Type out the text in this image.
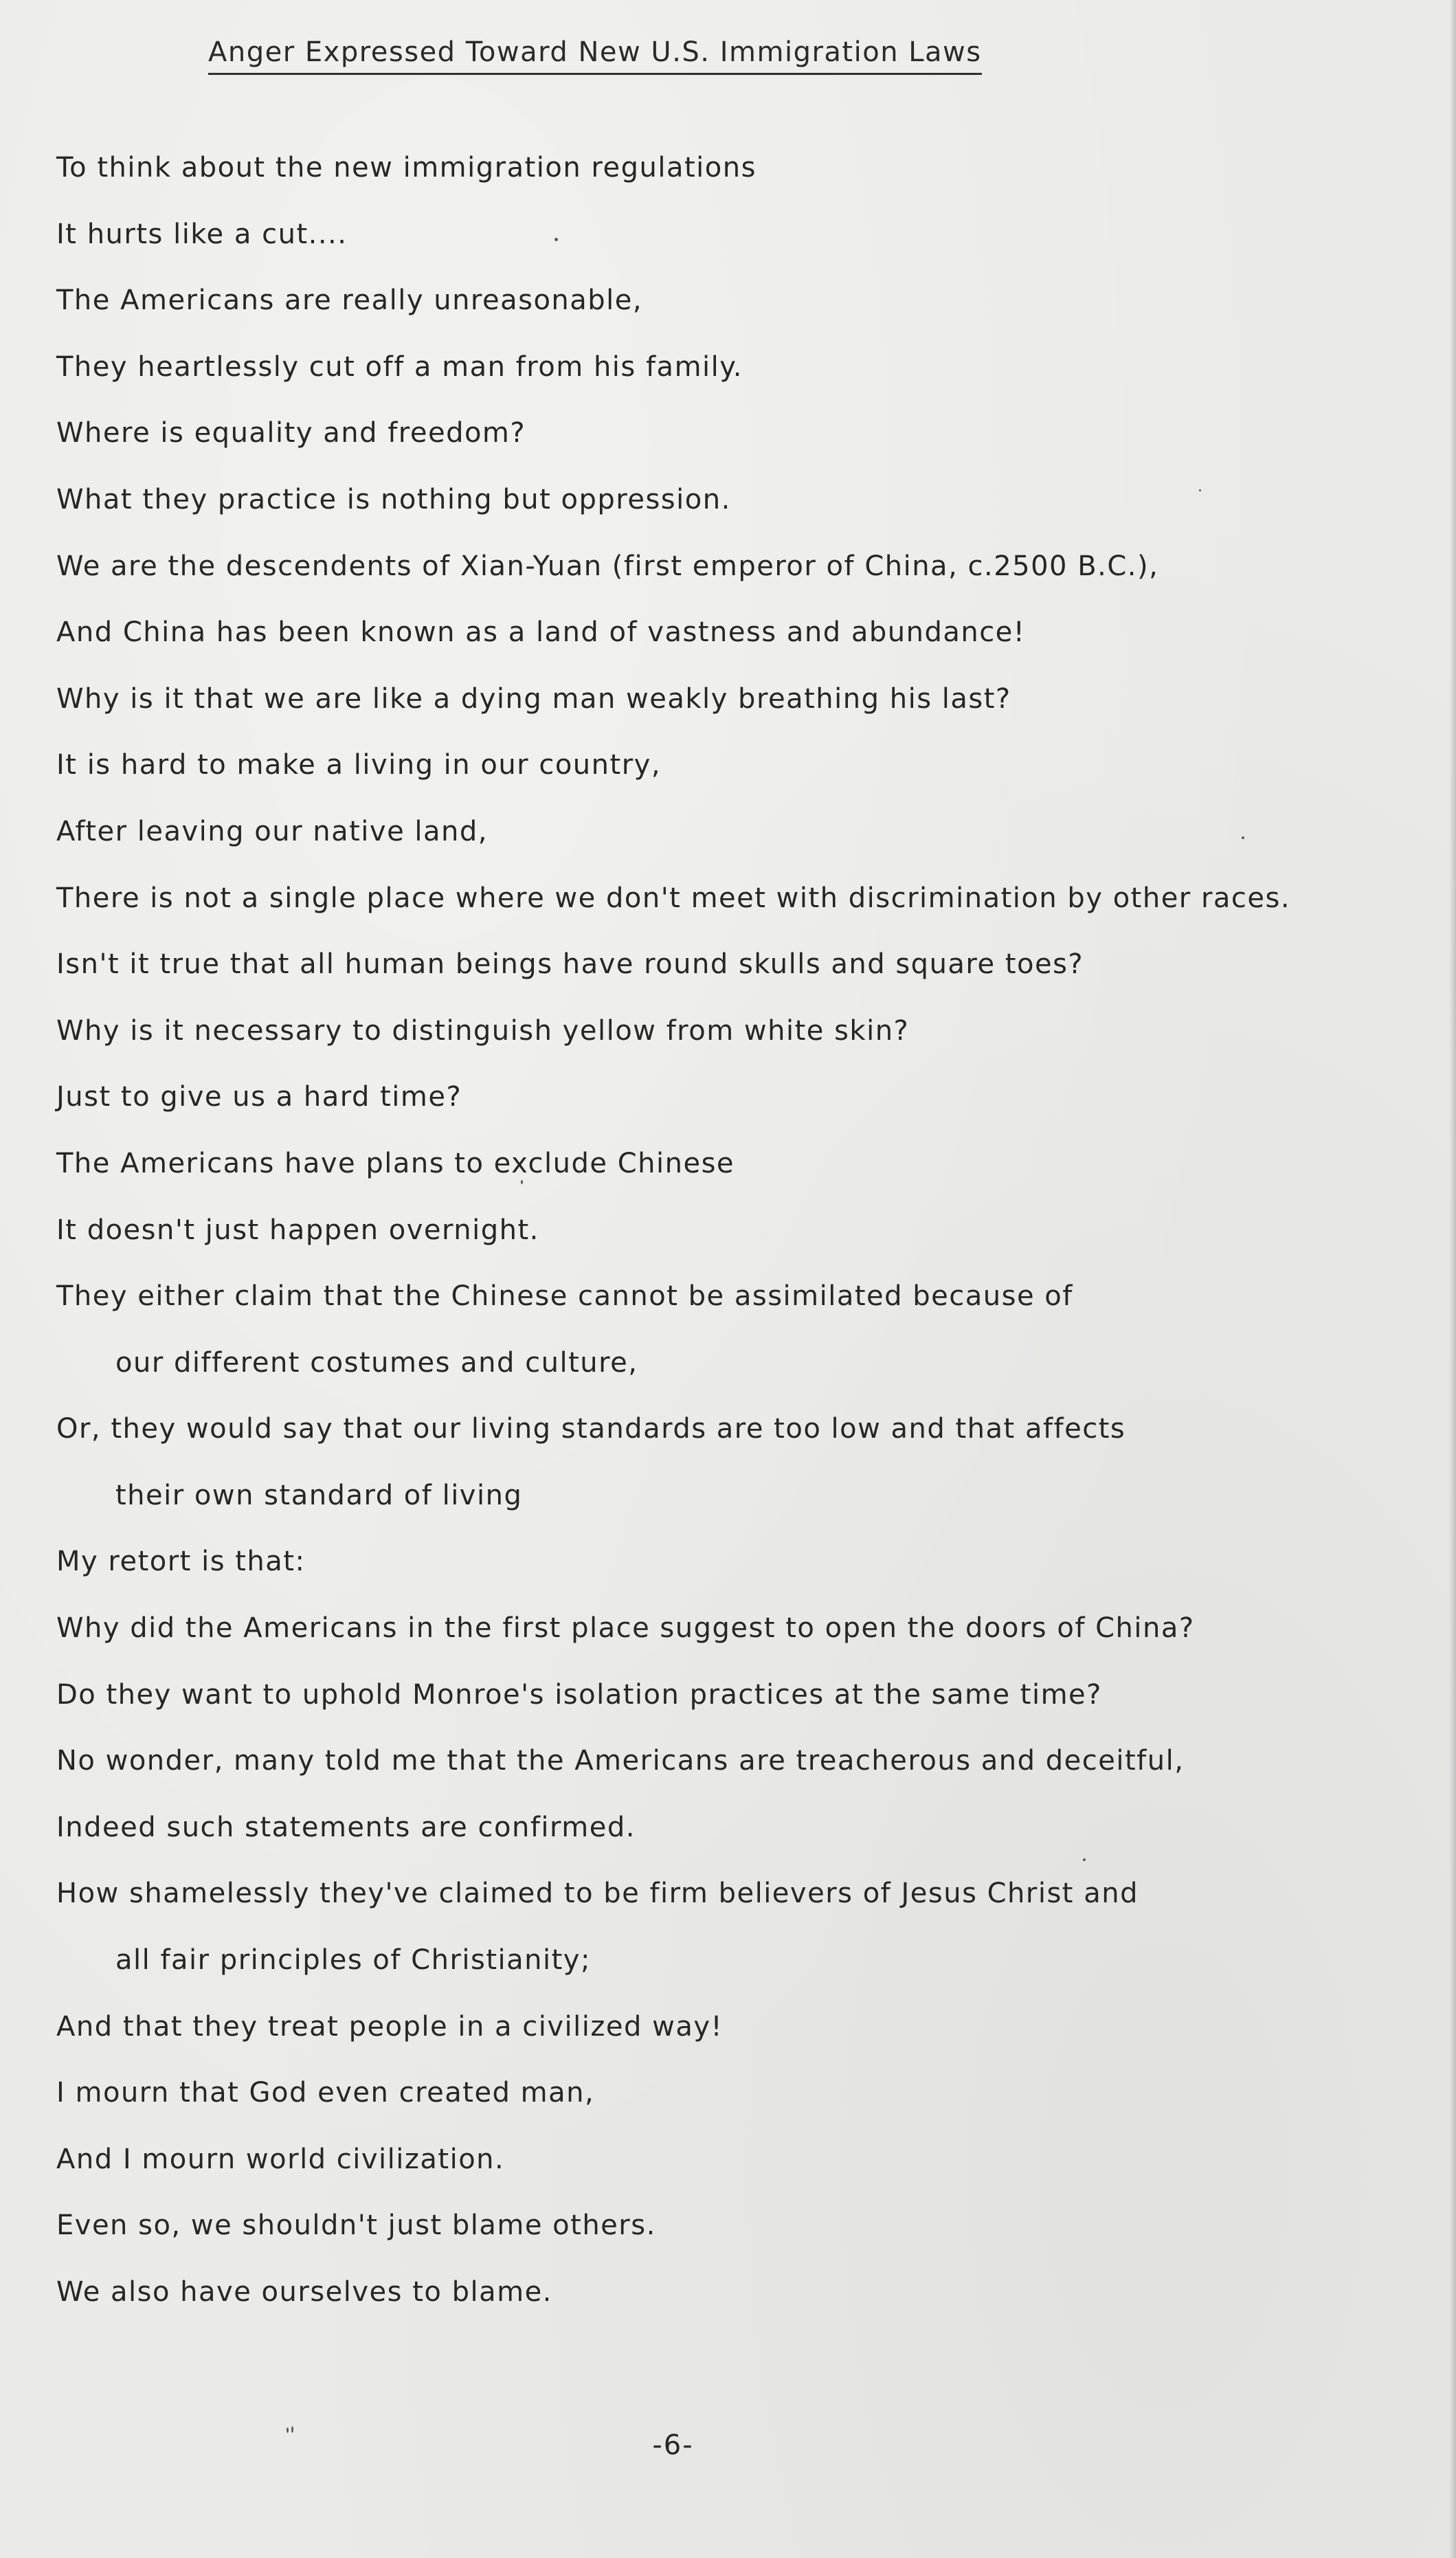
Anger Expressed Toward New U.S. Immigration Laws
To think about the new immigration regulations
It hurts like a cut....
The Americans are really unreasonable,
They heartlessly cut off a man from his family.
Where is equality and freedom?
What they practice is nothing but oppression.
We are the descendents of Xian-Yuan (first emperor of China, c.2500 B.C.),
And China has been known as a land of vastness and abundance!
Why is it that we are like a dying man weakly breathing his last?
It is hard to make a living in our country,
After leaving our native land,
There is not a single place where we don't meet with discrimination by other races.
Isn't it true that all human beings have round skulls and square toes?
Why is it necessary to distinguish yellow from white skin?
Just to give us a hard time?
The Americans have plans to exclude Chinese
It doesn't just happen overnight.
They either claim that the Chinese cannot be assimilated because of
our different costumes and culture,
Or, they would say that our living standards are too low and that affects
their own standard of living
My retort is that:
Why did the Americans in the first place suggest to open the doors of China?
Do they want to uphold Monroe's isolation practices at the same time?
No wonder, many told me that the Americans are treacherous and deceitful,
Indeed such statements are confirmed.
How shamelessly they've claimed to be firm believers of Jesus Christ and
all fair principles of Christianity;
And that they treat people in a civilized way!
I mourn that God even created man,
And I mourn world civilization.
Even so, we shouldn't just blame others.
We also have ourselves to blame.

-6-
